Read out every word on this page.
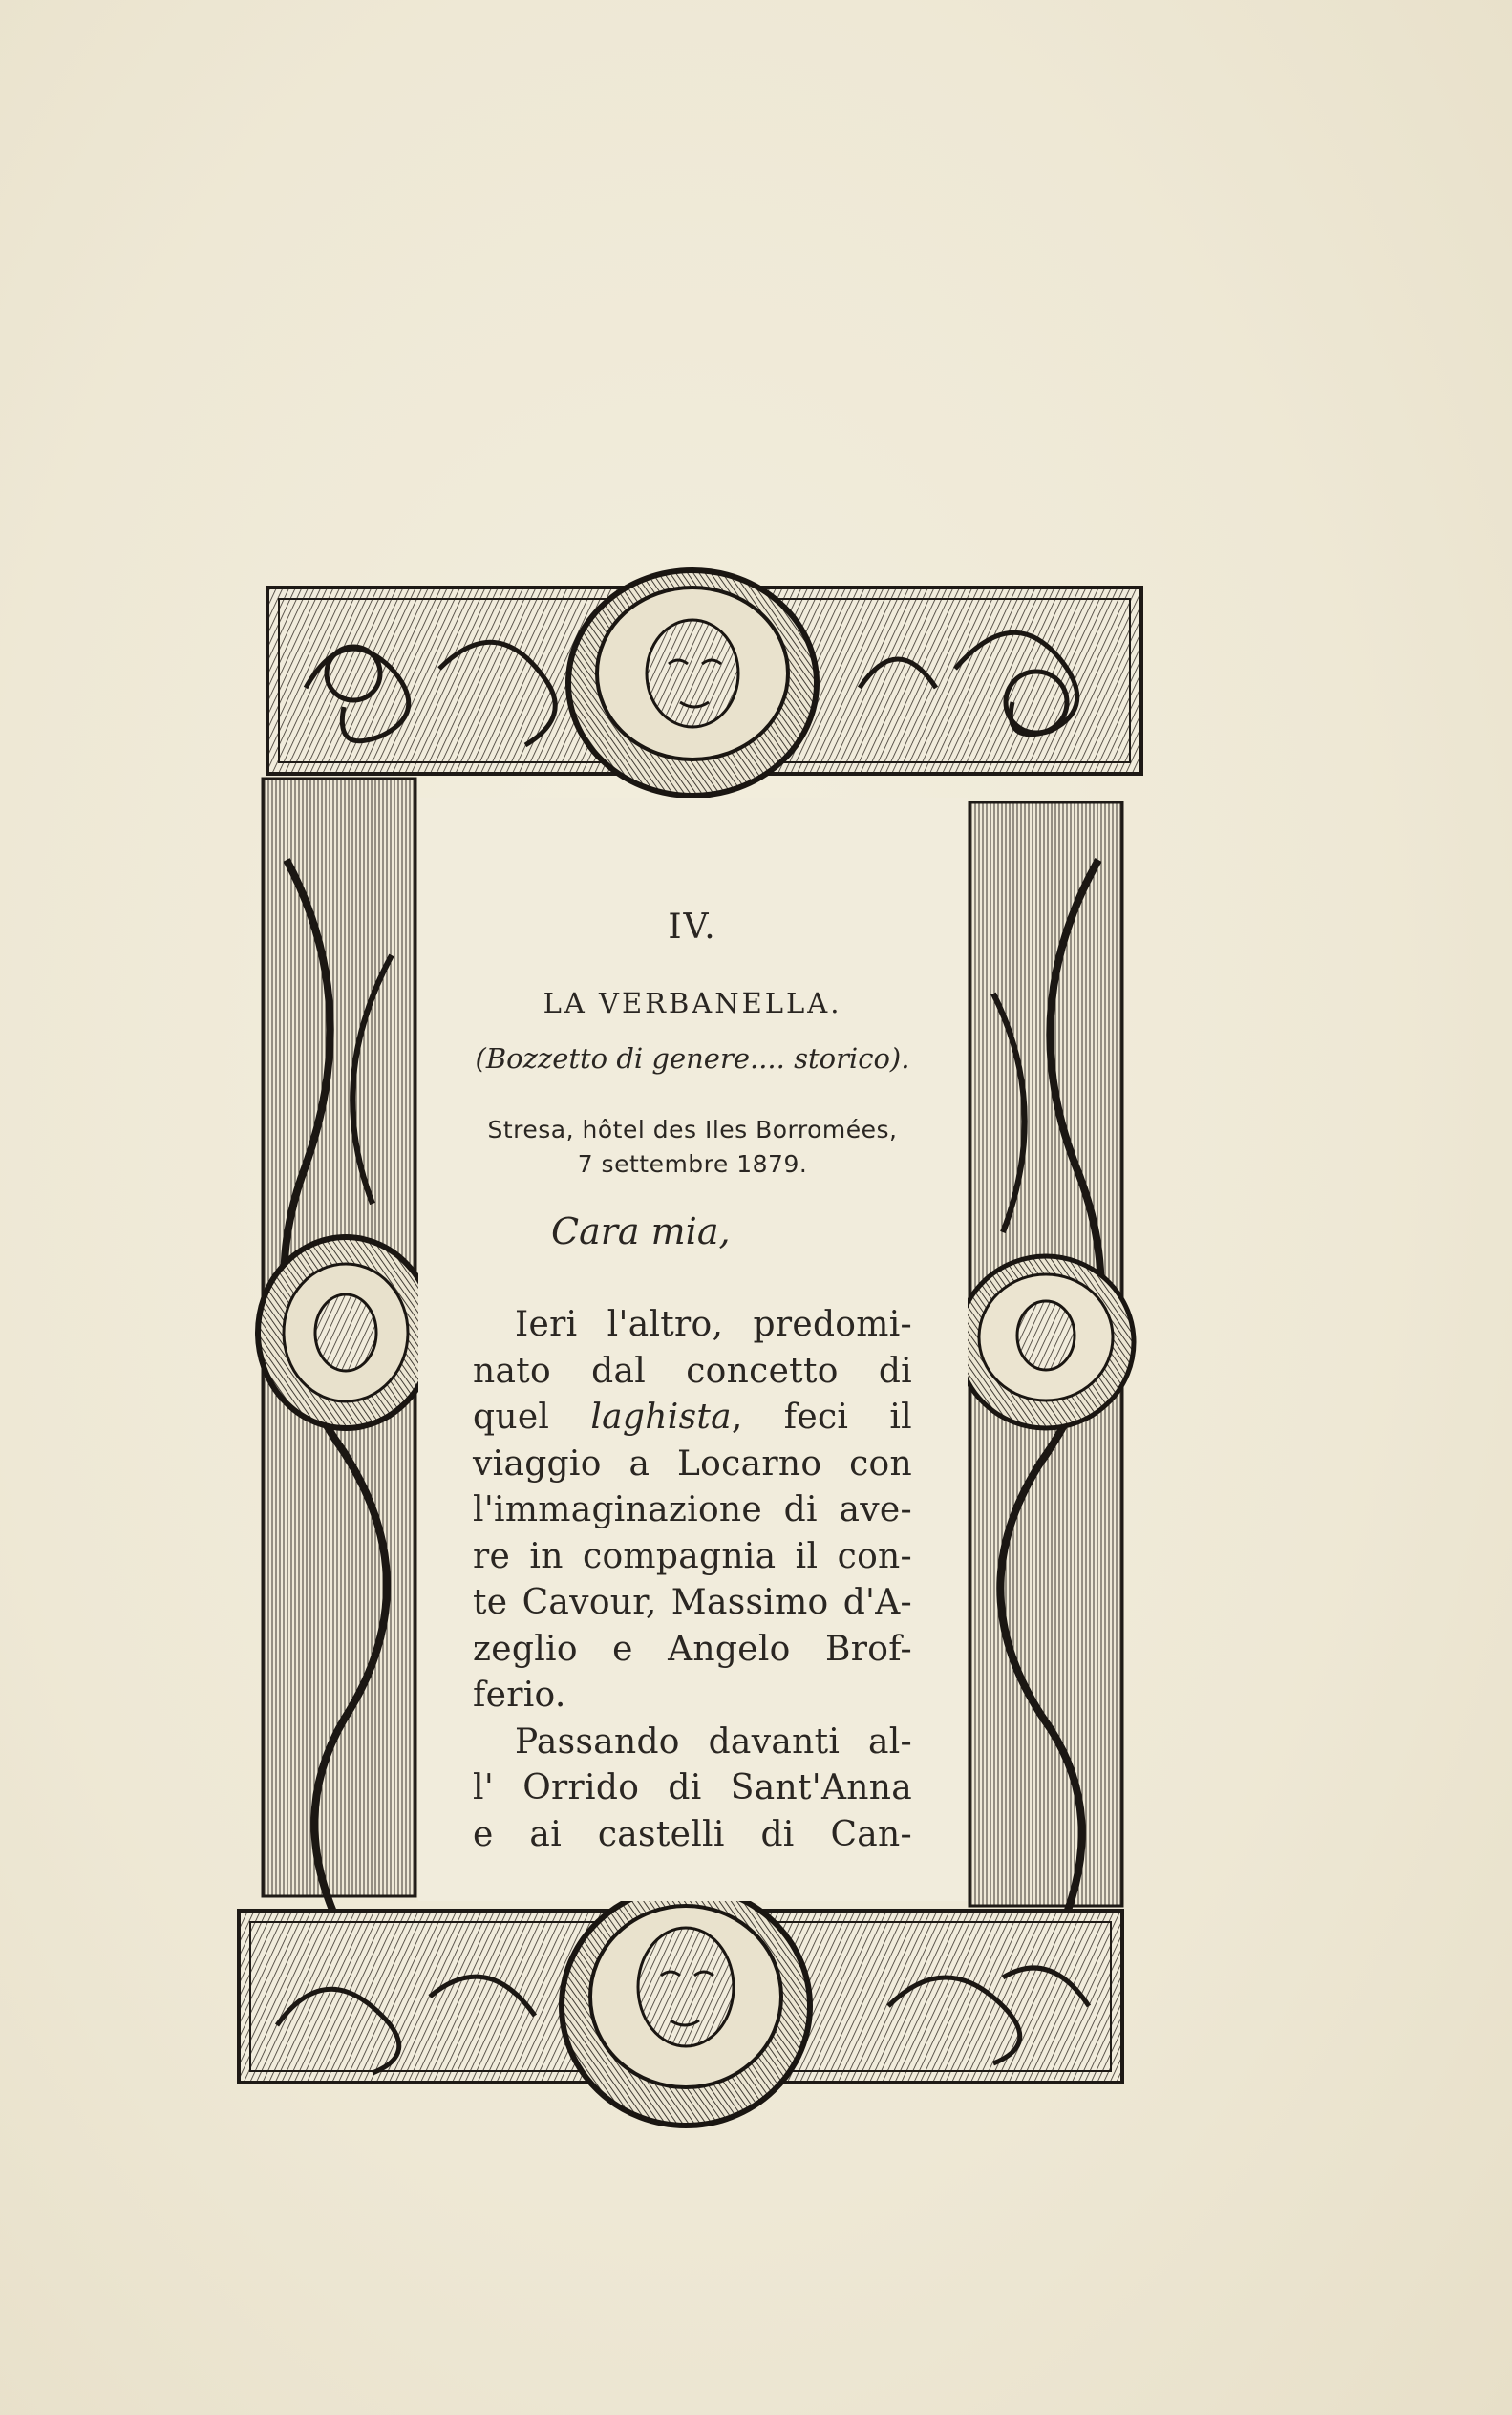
IV.
LA VERBANELLA.
(Bozzetto di genere.... storico).
Stresa, hôtel des Iles Borromées,
7 settembre 1879.
Cara mia,
Ieri l'altro, predomi-
nato dal concetto di
quel laghista, feci il
viaggio a Locarno con
l'immaginazione di ave-
re in compagnia il con-
te Cavour, Massimo d'A-
zeglio e Angelo Brof-
ferio.
Passando davanti al-
l' Orrido di Sant'Anna
e ai castelli di Can-
